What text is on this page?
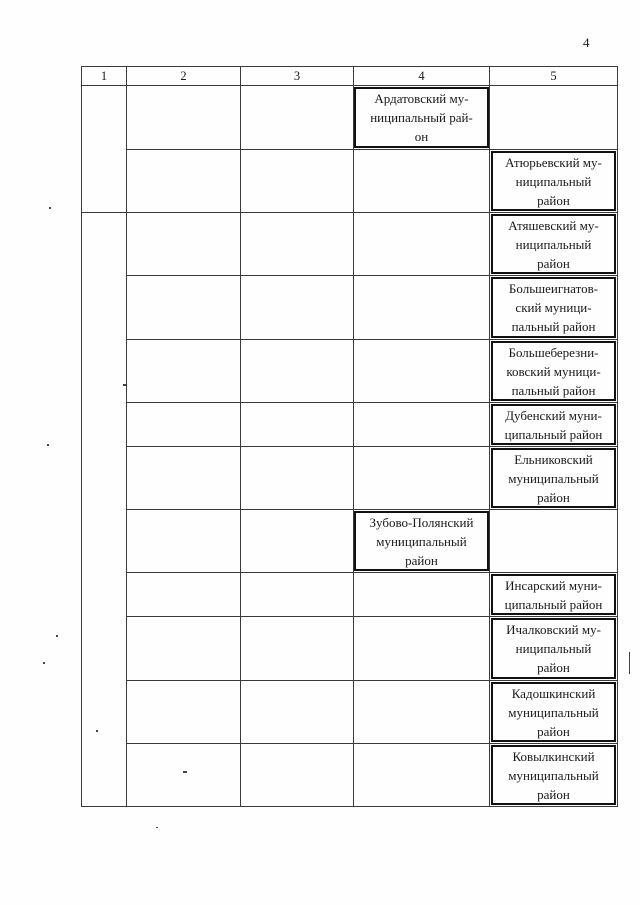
4
1	2	3	4	5

			Ардатовский му-
ниципальный рай-
он	

				Атюрьевский му-
ниципальный
район

				Атяшевский му-
ниципальный
район

				Большеигнатов-
ский муници-
пальный район

				Большеберезни-
ковский муници-
пальный район

				Дубенский муни-
ципальный район

				Ельниковский
муниципальный
район

			Зубово-Полянский
муниципальный
район	

				Инсарский муни-
ципальный район

				Ичалковский му-
ниципальный
район

				Кадошкинский
муниципальный
район

				Ковылкинский
муниципальный
район
